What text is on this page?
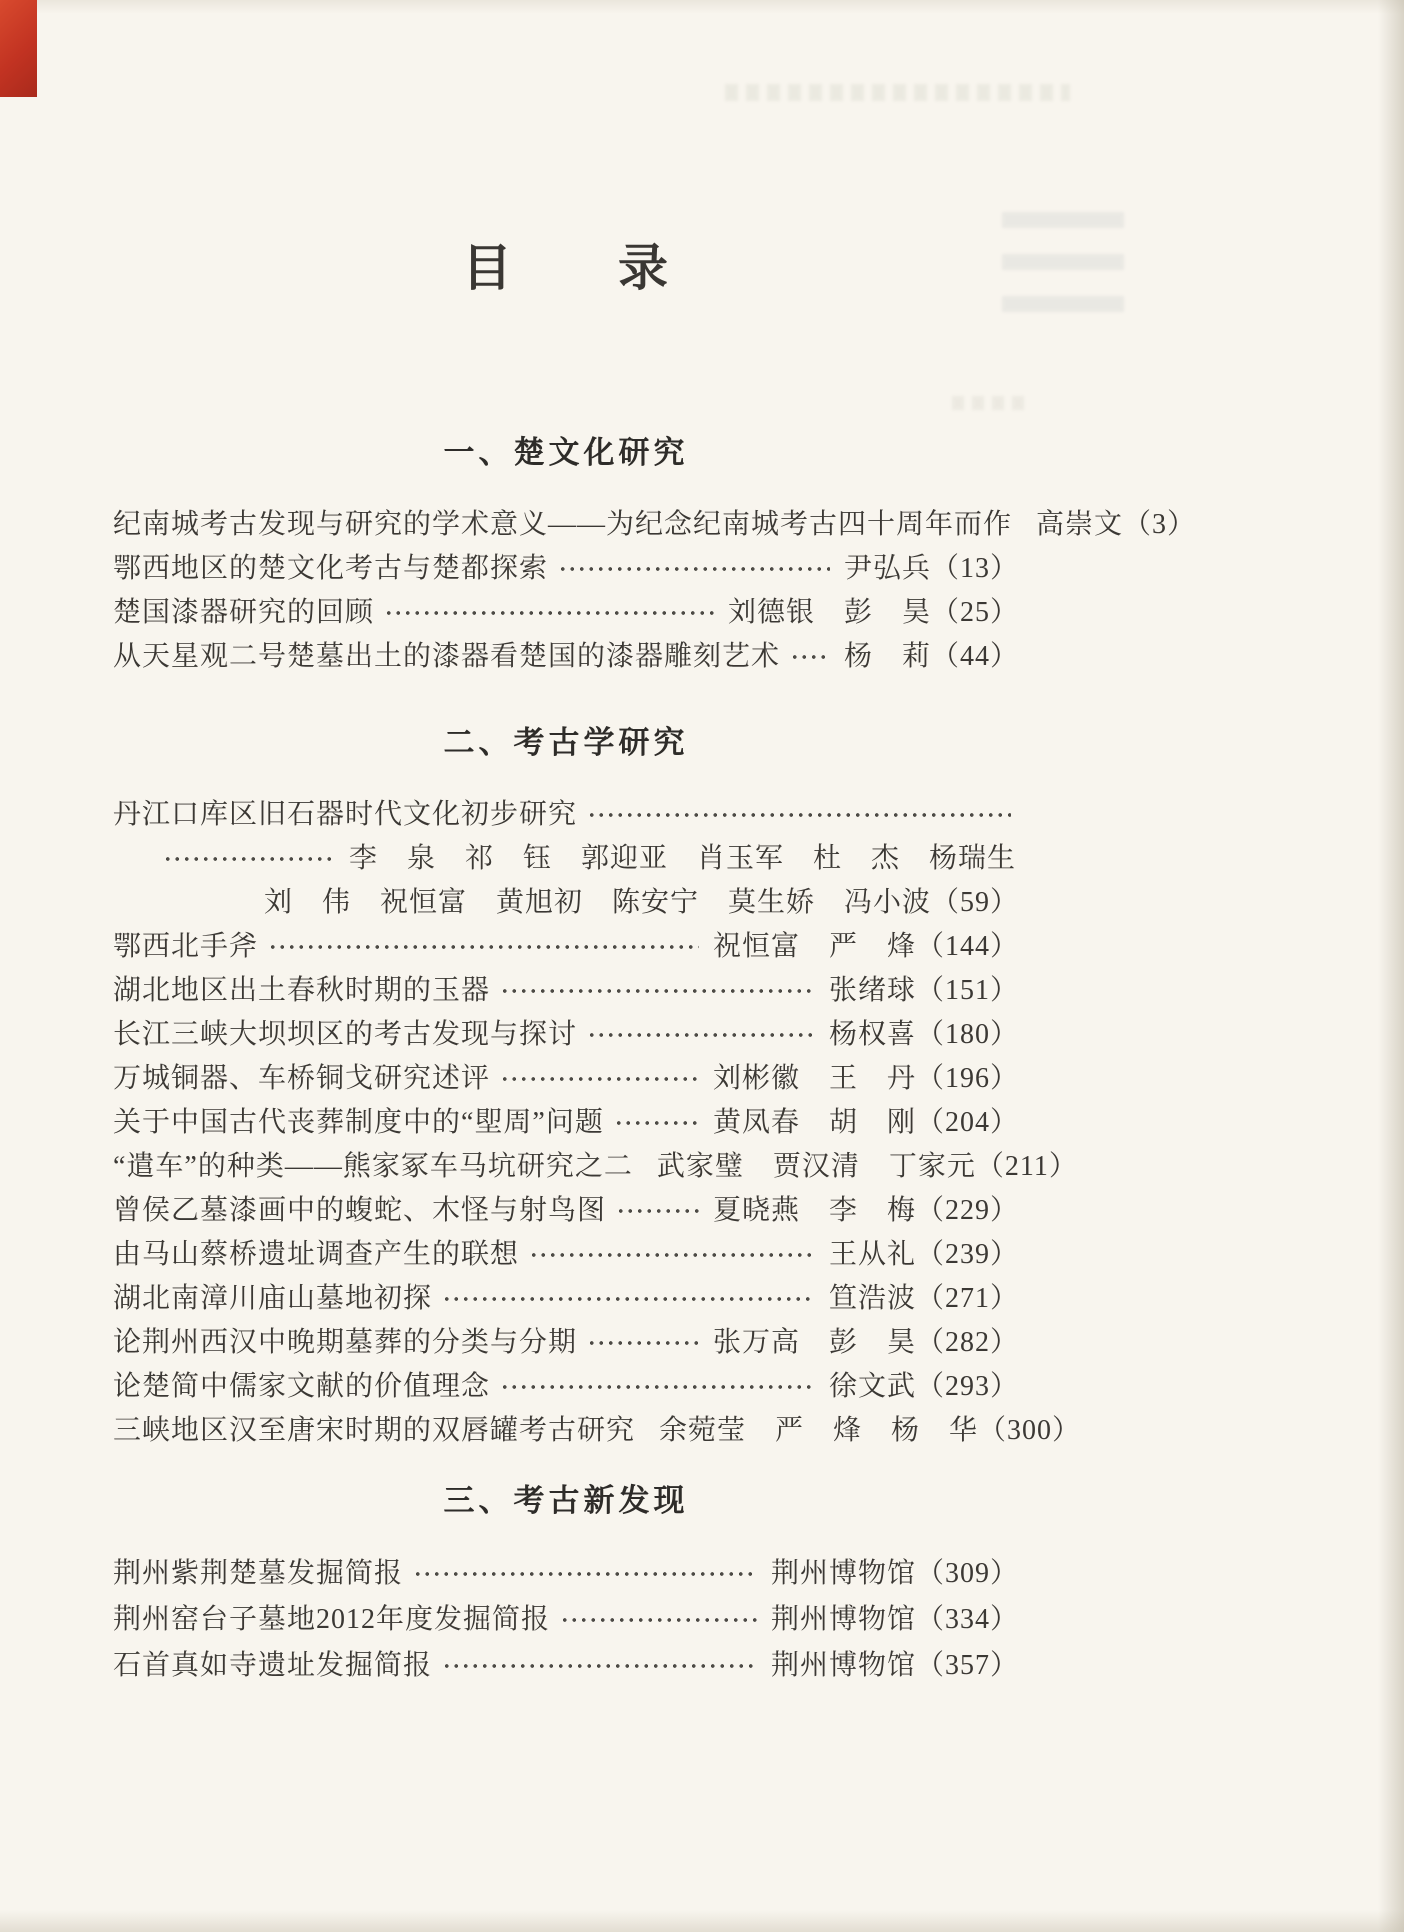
目　　录
一、楚文化研究
纪南城考古发现与研究的学术意义——为纪念纪南城考古四十周年而作 高崇文 （3）
鄂西地区的楚文化考古与楚都探索	尹弘兵 （13）
楚国漆器研究的回顾	刘德银　彭　昊 （25）
从天星观二号楚墓出土的漆器看楚国的漆器雕刻艺术 杨　莉 （44）
二、考古学研究
丹江口库区旧石器时代文化初步研究
李　泉　祁　钰　郭迎亚　肖玉军　杜　杰　杨瑞生
刘　伟　祝恒富　黄旭初　陈安宁　莫生娇　冯小波 （59）
鄂西北手斧	祝恒富　严　烽 （144）
湖北地区出土春秋时期的玉器	张绪球 （151）
长江三峡大坝坝区的考古发现与探讨	杨权喜 （180）
万城铜器、车桥铜戈研究述评	刘彬徽　王　丹 （196）
关于中国古代丧葬制度中的“堲周”问题	黄凤春　胡　刚 （204）
“遣车”的种类——熊家冢车马坑研究之二 武家璧　贾汉清　丁家元 （211）
曾侯乙墓漆画中的蝮蛇、木怪与射鸟图	夏晓燕　李　梅 （229）
由马山蔡桥遗址调查产生的联想	王从礼 （239）
湖北南漳川庙山墓地初探	笪浩波 （271）
论荆州西汉中晚期墓葬的分类与分期	张万高　彭　昊 （282）
论楚简中儒家文献的价值理念	徐文武 （293）
三峡地区汉至唐宋时期的双唇罐考古研究 余菀莹　严　烽　杨　华 （300）
三、考古新发现
荆州紫荆楚墓发掘简报	荆州博物馆 （309）
荆州窑台子墓地2012年度发掘简报	荆州博物馆 （334）
石首真如寺遗址发掘简报	荆州博物馆 （357）
